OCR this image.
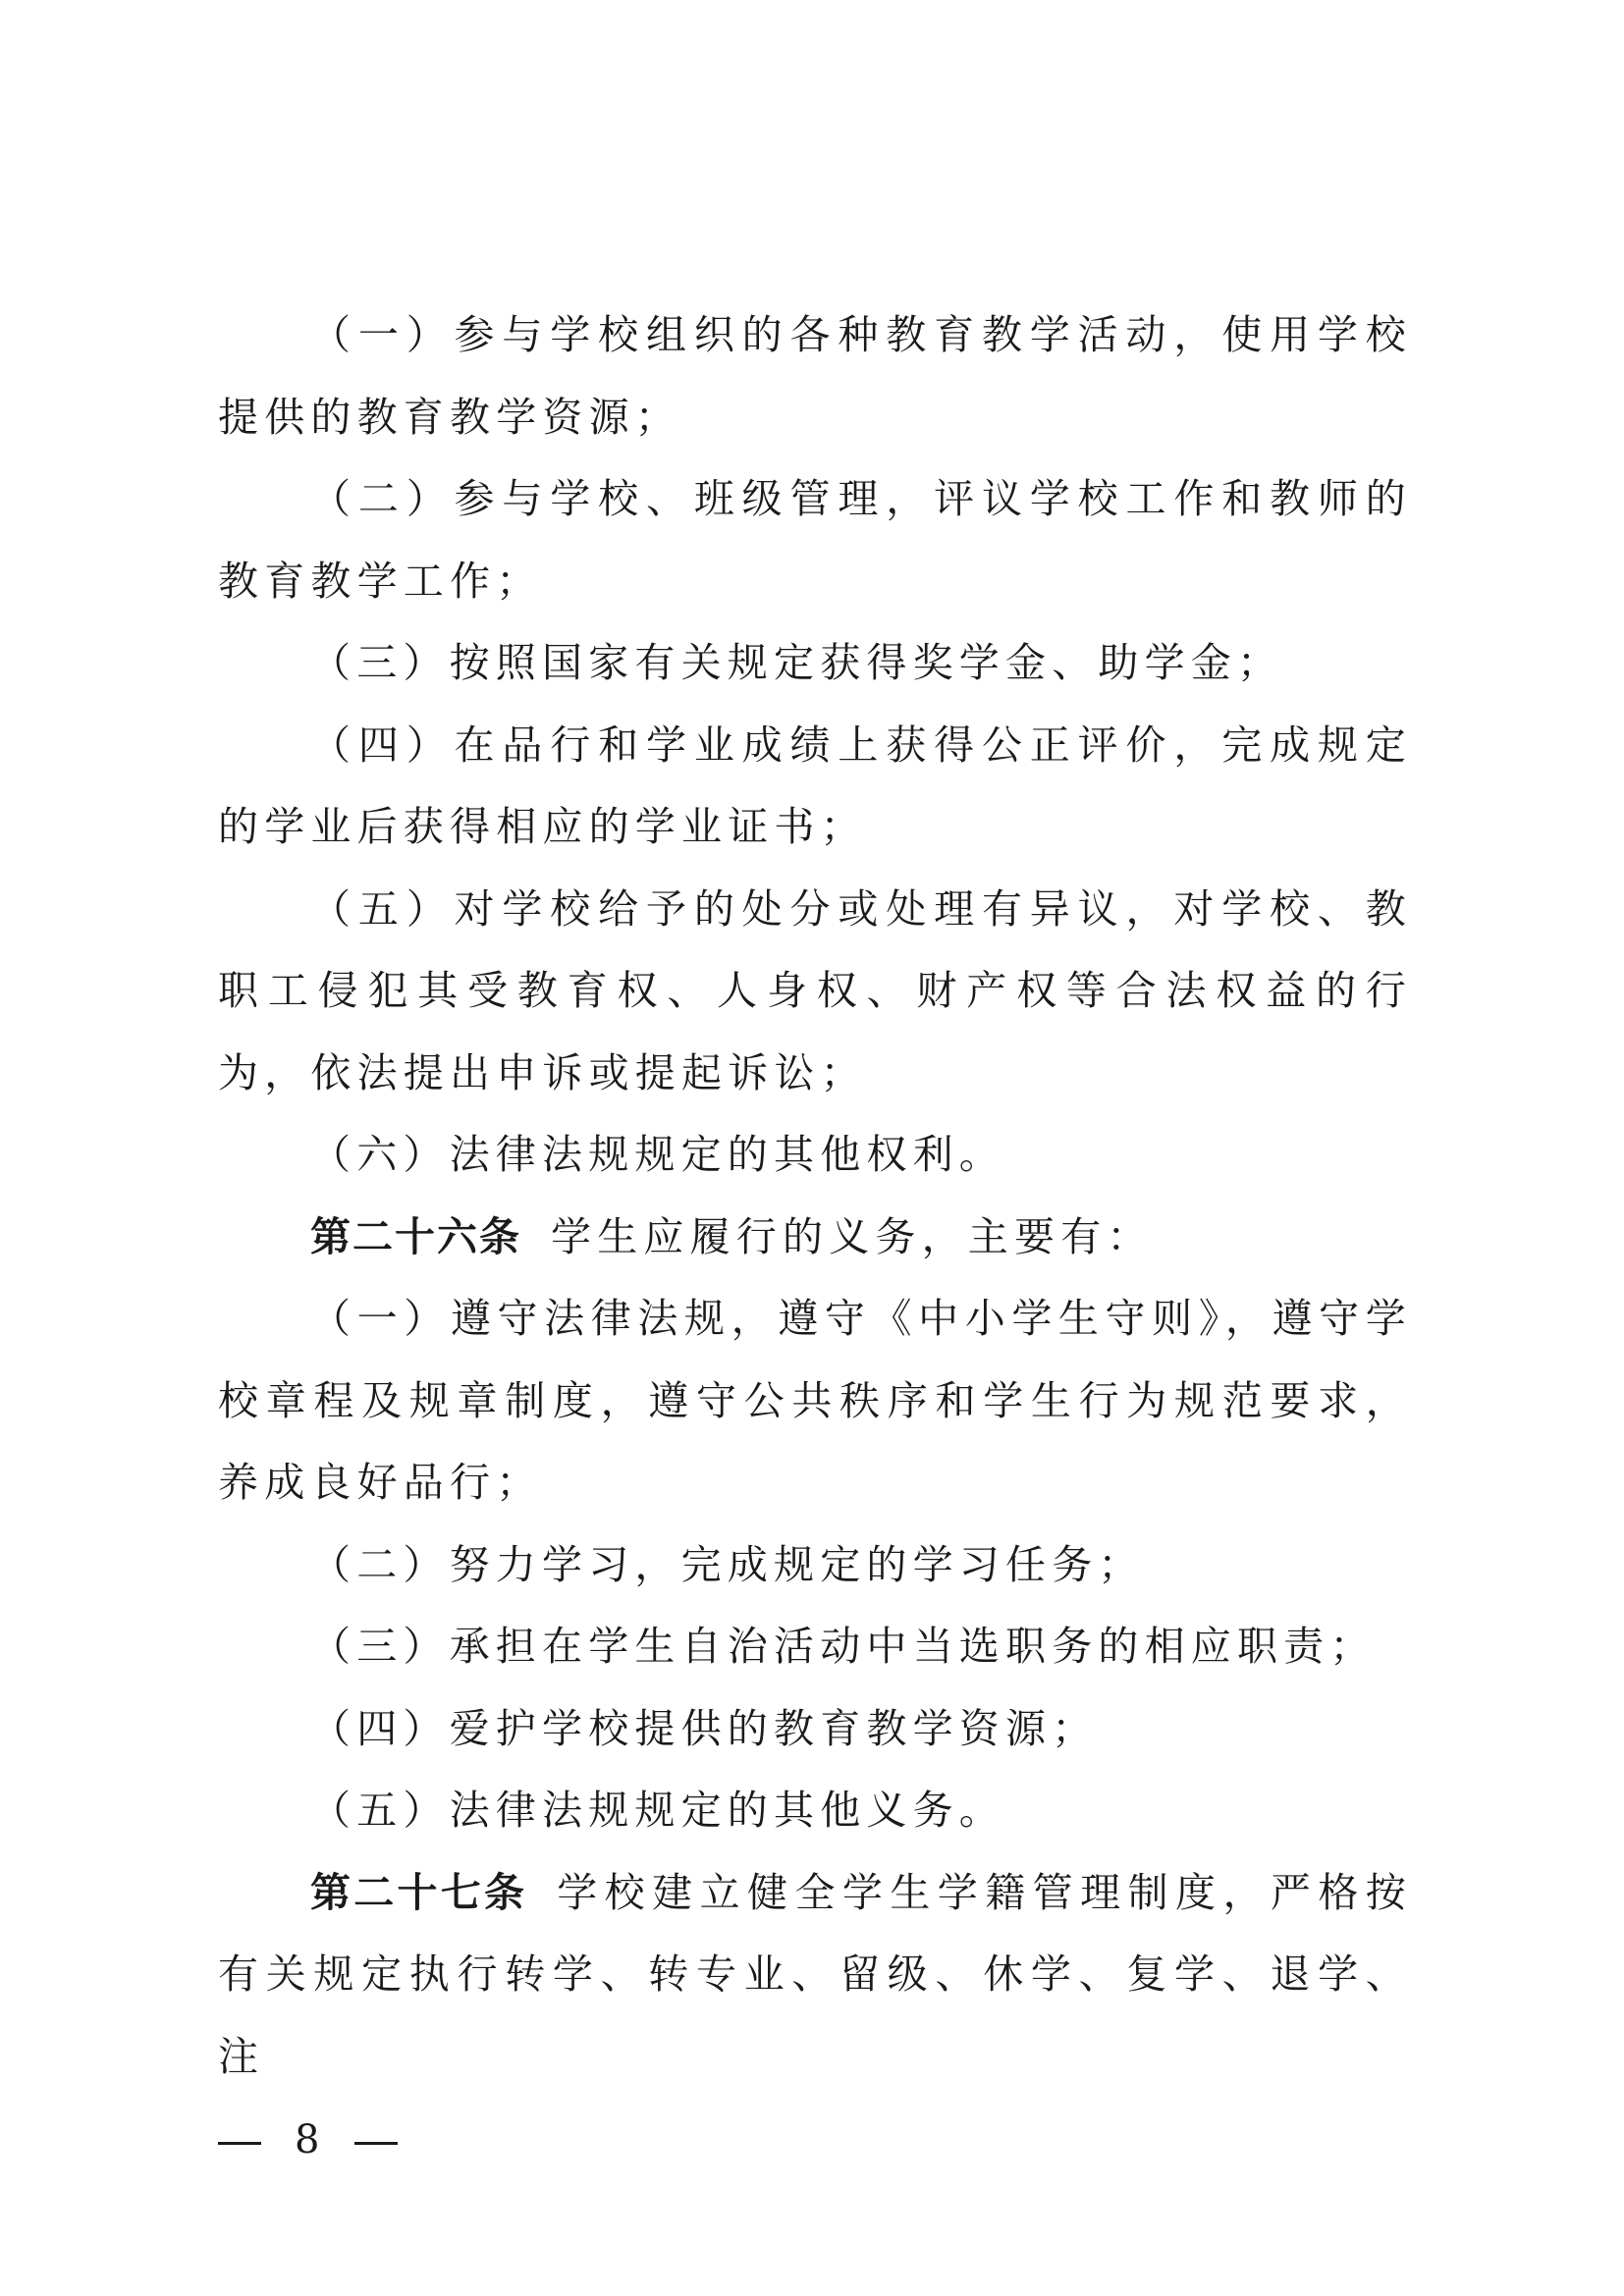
（一）参与学校组织的各种教育教学活动，使用学校提供的教育教学资源；

（二）参与学校、班级管理，评议学校工作和教师的教育教学工作；

（三）按照国家有关规定获得奖学金、助学金；

（四）在品行和学业成绩上获得公正评价，完成规定的学业后获得相应的学业证书；

（五）对学校给予的处分或处理有异议，对学校、教职工侵犯其受教育权、人身权、财产权等合法权益的行为，依法提出申诉或提起诉讼；

（六）法律法规规定的其他权利。

第二十六条 学生应履行的义务，主要有：

（一）遵守法律法规，遵守《中小学生守则》，遵守学校章程及规章制度，遵守公共秩序和学生行为规范要求，养成良好品行；

（二）努力学习，完成规定的学习任务；

（三）承担在学生自治活动中当选职务的相应职责；

（四）爱护学校提供的教育教学资源；

（五）法律法规规定的其他义务。

第二十七条 学校建立健全学生学籍管理制度，严格按有关规定执行转学、转专业、留级、休学、复学、退学、注

8
